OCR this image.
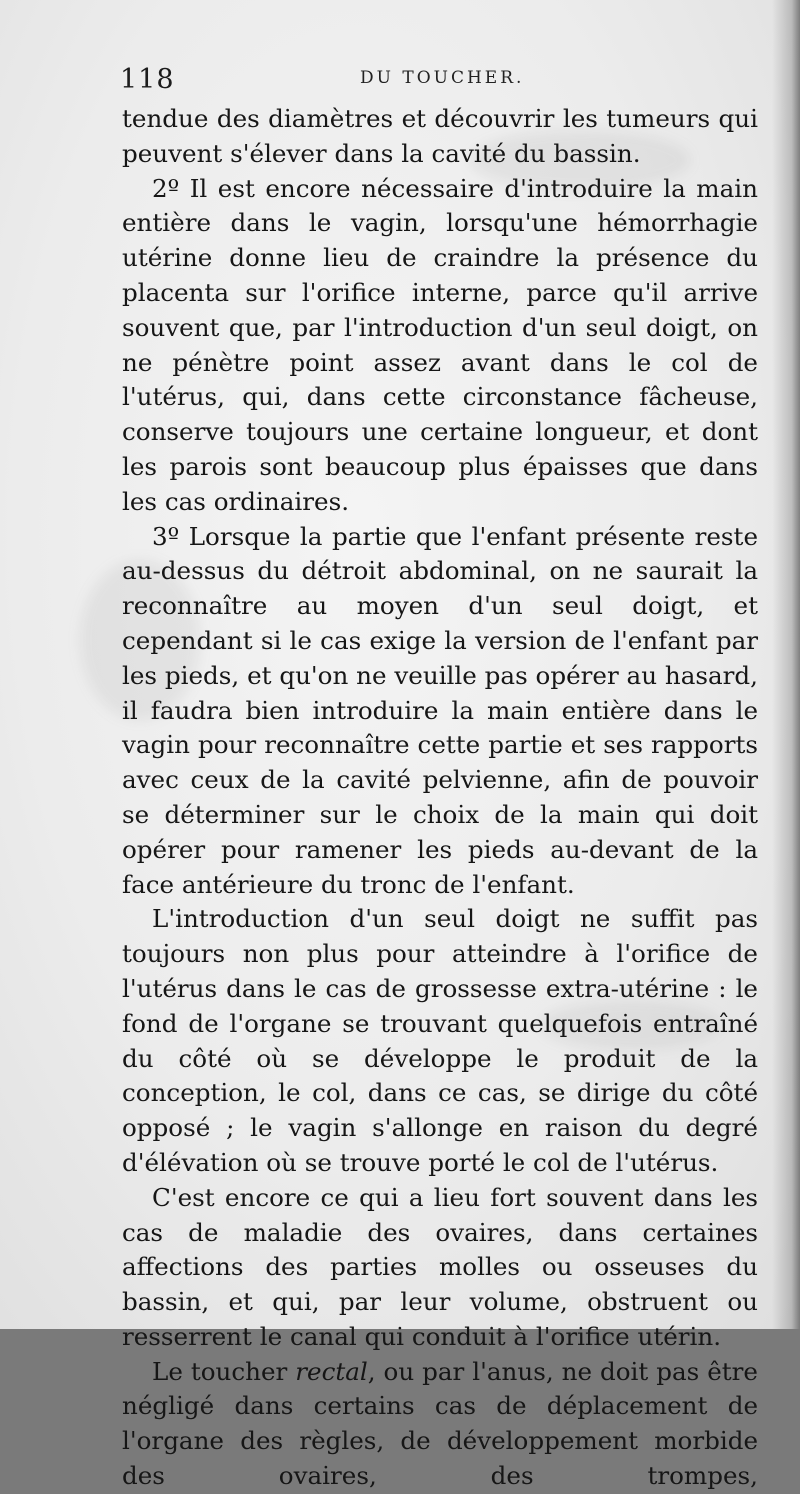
118	DU TOUCHER.

tendue des diamètres et découvrir les tumeurs qui peuvent s'élever dans la cavité du bassin.

2º Il est encore nécessaire d'introduire la main entière dans le vagin, lorsqu'une hémorrhagie utérine donne lieu de craindre la présence du placenta sur l'orifice interne, parce qu'il arrive souvent que, par l'introduction d'un seul doigt, on ne pénètre point assez avant dans le col de l'utérus, qui, dans cette circonstance fâcheuse, conserve toujours une certaine longueur, et dont les parois sont beaucoup plus épaisses que dans les cas ordinaires.

3º Lorsque la partie que l'enfant présente reste au-dessus du détroit abdominal, on ne saurait la reconnaître au moyen d'un seul doigt, et cependant si le cas exige la version de l'enfant par les pieds, et qu'on ne veuille pas opérer au hasard, il faudra bien introduire la main entière dans le vagin pour reconnaître cette partie et ses rapports avec ceux de la cavité pelvienne, afin de pouvoir se déterminer sur le choix de la main qui doit opérer pour ramener les pieds au-devant de la face antérieure du tronc de l'enfant.

L'introduction d'un seul doigt ne suffit pas toujours non plus pour atteindre à l'orifice de l'utérus dans le cas de grossesse extra-utérine : le fond de l'organe se trouvant quelquefois entraîné du côté où se développe le produit de la conception, le col, dans ce cas, se dirige du côté opposé ; le vagin s'allonge en raison du degré d'élévation où se trouve porté le col de l'utérus.

C'est encore ce qui a lieu fort souvent dans les cas de maladie des ovaires, dans certaines affections des parties molles ou osseuses du bassin, et qui, par leur volume, obstruent ou resserrent le canal qui conduit à l'orifice utérin.

Le toucher rectal, ou par l'anus, ne doit pas être négligé dans certains cas de déplacement de l'organe des règles, de développement morbide des ovaires, des trompes,
